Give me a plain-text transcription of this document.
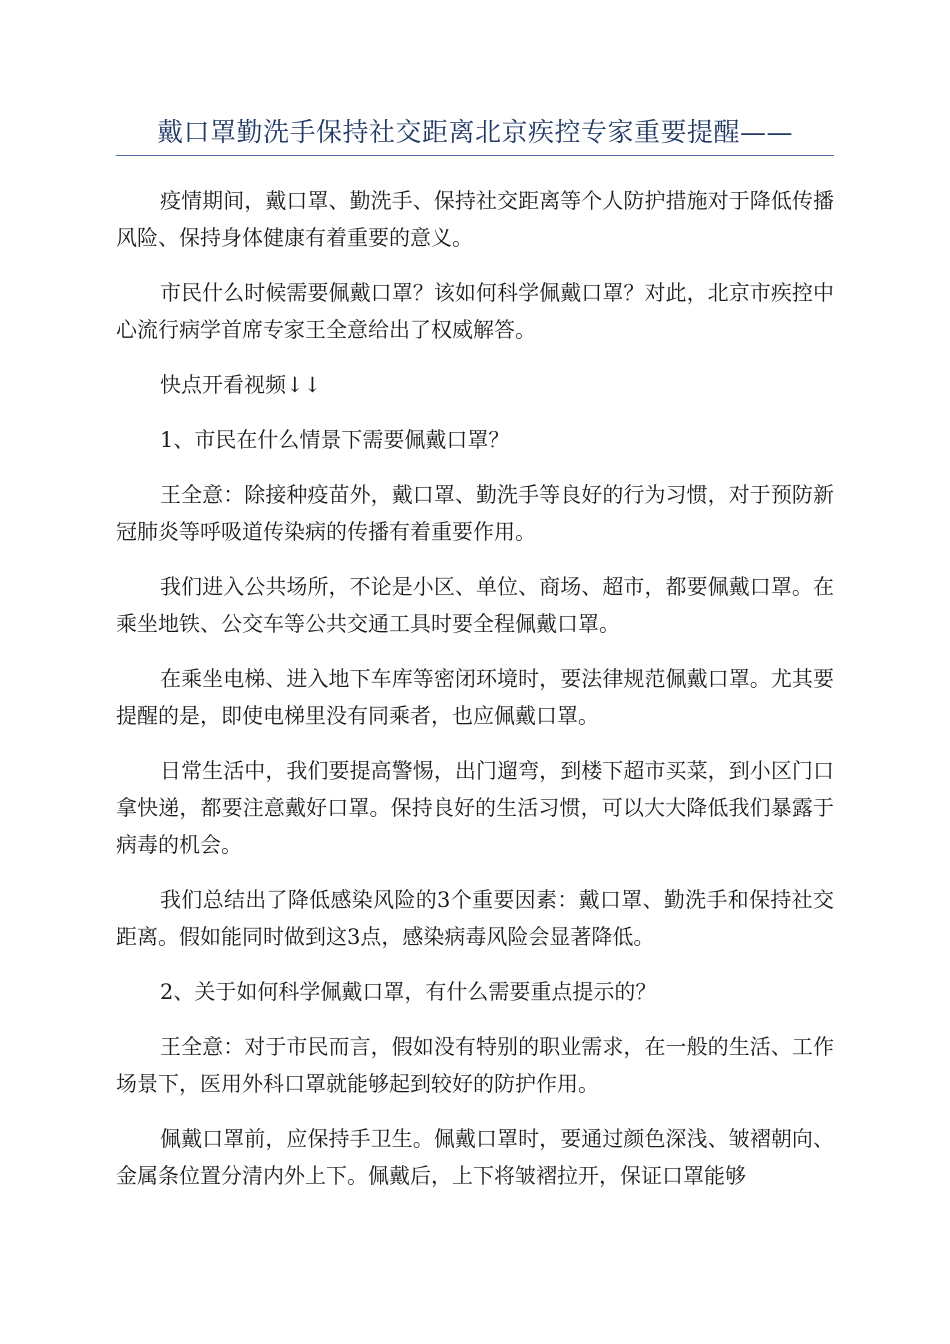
戴口罩勤洗手保持社交距离北京疾控专家重要提醒——

疫情期间，戴口罩、勤洗手、保持社交距离等个人防护措施对于降低传播风险、保持身体健康有着重要的意义。

市民什么时候需要佩戴口罩？该如何科学佩戴口罩？对此，北京市疾控中心流行病学首席专家王全意给出了权威解答。

快点开看视频↓↓

1、市民在什么情景下需要佩戴口罩？

王全意：除接种疫苗外，戴口罩、勤洗手等良好的行为习惯，对于预防新冠肺炎等呼吸道传染病的传播有着重要作用。

我们进入公共场所，不论是小区、单位、商场、超市，都要佩戴口罩。在乘坐地铁、公交车等公共交通工具时要全程佩戴口罩。

在乘坐电梯、进入地下车库等密闭环境时，要法律规范佩戴口罩。尤其要提醒的是，即使电梯里没有同乘者，也应佩戴口罩。

日常生活中，我们要提高警惕，出门遛弯，到楼下超市买菜，到小区门口拿快递，都要注意戴好口罩。保持良好的生活习惯，可以大大降低我们暴露于病毒的机会。

我们总结出了降低感染风险的3个重要因素：戴口罩、勤洗手和保持社交距离。假如能同时做到这3点，感染病毒风险会显著降低。

2、关于如何科学佩戴口罩，有什么需要重点提示的？

王全意：对于市民而言，假如没有特别的职业需求，在一般的生活、工作场景下，医用外科口罩就能够起到较好的防护作用。

佩戴口罩前，应保持手卫生。佩戴口罩时，要通过颜色深浅、皱褶朝向、金属条位置分清内外上下。佩戴后，上下将皱褶拉开，保证口罩能够
